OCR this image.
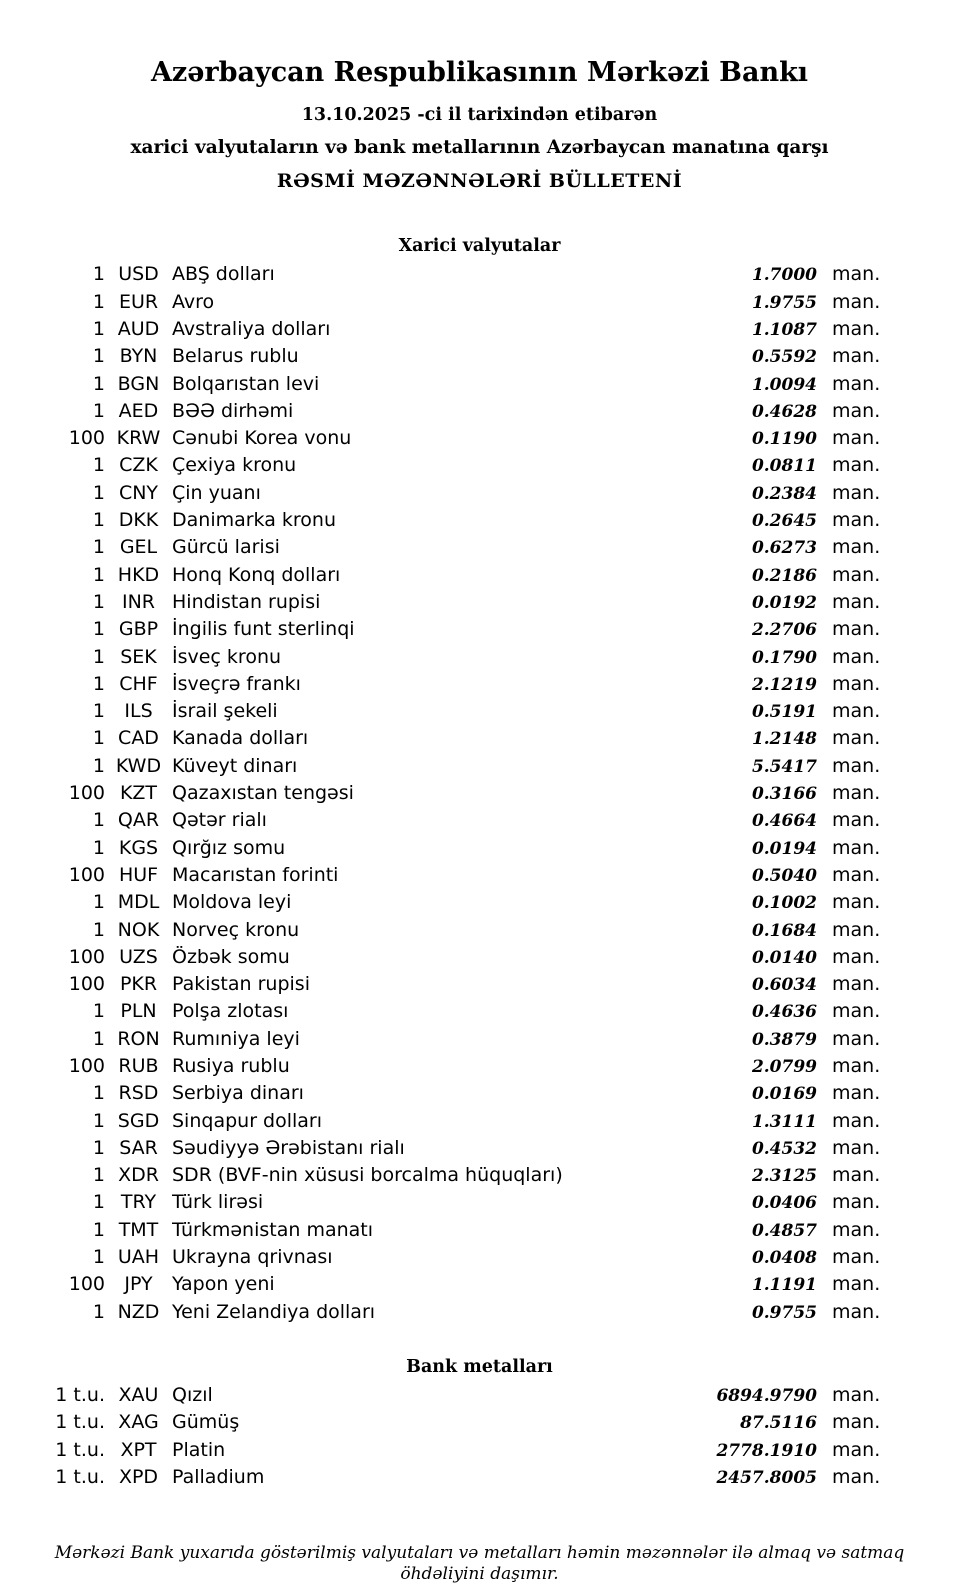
Azərbaycan Respublikasının Mərkəzi Bankı
13.10.2025 -ci il tarixindən etibarən
xarici valyutaların və bank metallarının Azərbaycan manatına qarşı
RƏSMİ MƏZƏNNƏLƏRİ BÜLLETENİ
Xarici valyutalar
1 USD ABŞ dolları	1.7000 man.
1 EUR Avro	1.9755 man.
1 AUD Avstraliya dolları	1.1087 man.
1 BYN Belarus rublu	0.5592 man.
1 BGN Bolqarıstan levi	1.0094 man.
1 AED BƏƏ dirhəmi	0.4628 man.
100 KRW Cənubi Korea vonu	0.1190 man.
1 CZK Çexiya kronu	0.0811 man.
1 CNY Çin yuanı	0.2384 man.
1 DKK Danimarka kronu	0.2645 man.
1 GEL Gürcü larisi	0.6273 man.
1 HKD Honq Konq dolları	0.2186 man.
1 INR Hindistan rupisi	0.0192 man.
1 GBP İngilis funt sterlinqi	2.2706 man.
1 SEK İsveç kronu	0.1790 man.
1 CHF İsveçrə frankı	2.1219 man.
1	ILS	İsrail şekeli	0.5191 man.
1 CAD Kanada dolları	1.2148 man.
1 KWD Küveyt dinarı	5.5417 man.
100 KZT Qazaxıstan tengəsi	0.3166 man.
1 QAR Qətər rialı	0.4664 man.
1 KGS Qırğız somu	0.0194 man.
100 HUF Macarıstan forinti	0.5040 man.
1 MDL Moldova leyi	0.1002 man.
1 NOK Norveç kronu	0.1684 man.
100 UZS Özbək somu	0.0140 man.
100 PKR Pakistan rupisi	0.6034 man.
1 PLN Polşa zlotası	0.4636 man.
1 RON Rumıniya leyi	0.3879 man.
100 RUB Rusiya rublu	2.0799 man.
1 RSD Serbiya dinarı	0.0169 man.
1 SGD Sinqapur dolları	1.3111 man.
1 SAR Səudiyyə Ərəbistanı rialı	0.4532 man.
1 XDR SDR (BVF-nin xüsusi borcalma hüquqları)	2.3125 man.
1 TRY Türk lirəsi	0.0406 man.
1 TMT Türkmənistan manatı	0.4857 man.
1 UAH Ukrayna qrivnası	0.0408 man.
100	JPY	Yapon yeni	1.1191 man.
1 NZD Yeni Zelandiya dolları	0.9755 man.
Bank metalları
1 t.u. XAU Qızıl	6894.9790 man.
1 t.u. XAG Gümüş	87.5116 man.
1 t.u. XPT Platin	2778.1910 man.
1 t.u. XPD Palladium	2457.8005 man.
Mərkəzi Bank yuxarıda göstərilmiş valyutaları və metalları həmin məzənnələr ilə almaq və satmaq öhdəliyini daşımır.
